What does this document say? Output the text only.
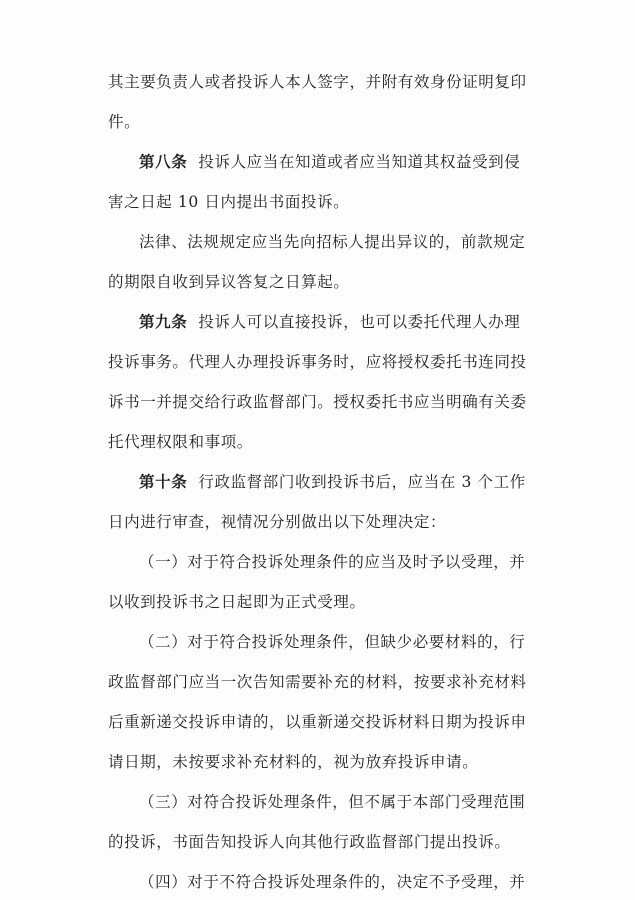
其主要负责人或者投诉人本人签字，并附有效身份证明复印
件。
第八条 投诉人应当在知道或者应当知道其权益受到侵
害之日起 10 日内提出书面投诉。
法律、法规规定应当先向招标人提出异议的，前款规定
的期限自收到异议答复之日算起。
第九条 投诉人可以直接投诉，也可以委托代理人办理
投诉事务。代理人办理投诉事务时，应将授权委托书连同投
诉书一并提交给行政监督部门。授权委托书应当明确有关委
托代理权限和事项。
第十条 行政监督部门收到投诉书后，应当在 3 个工作
日内进行审查，视情况分别做出以下处理决定：
（一）对于符合投诉处理条件的应当及时予以受理，并
以收到投诉书之日起即为正式受理。
（二）对于符合投诉处理条件，但缺少必要材料的，行
政监督部门应当一次告知需要补充的材料，按要求补充材料
后重新递交投诉申请的，以重新递交投诉材料日期为投诉申
请日期，未按要求补充材料的，视为放弃投诉申请。
（三）对符合投诉处理条件，但不属于本部门受理范围
的投诉，书面告知投诉人向其他行政监督部门提出投诉。
（四）对于不符合投诉处理条件的，决定不予受理，并
